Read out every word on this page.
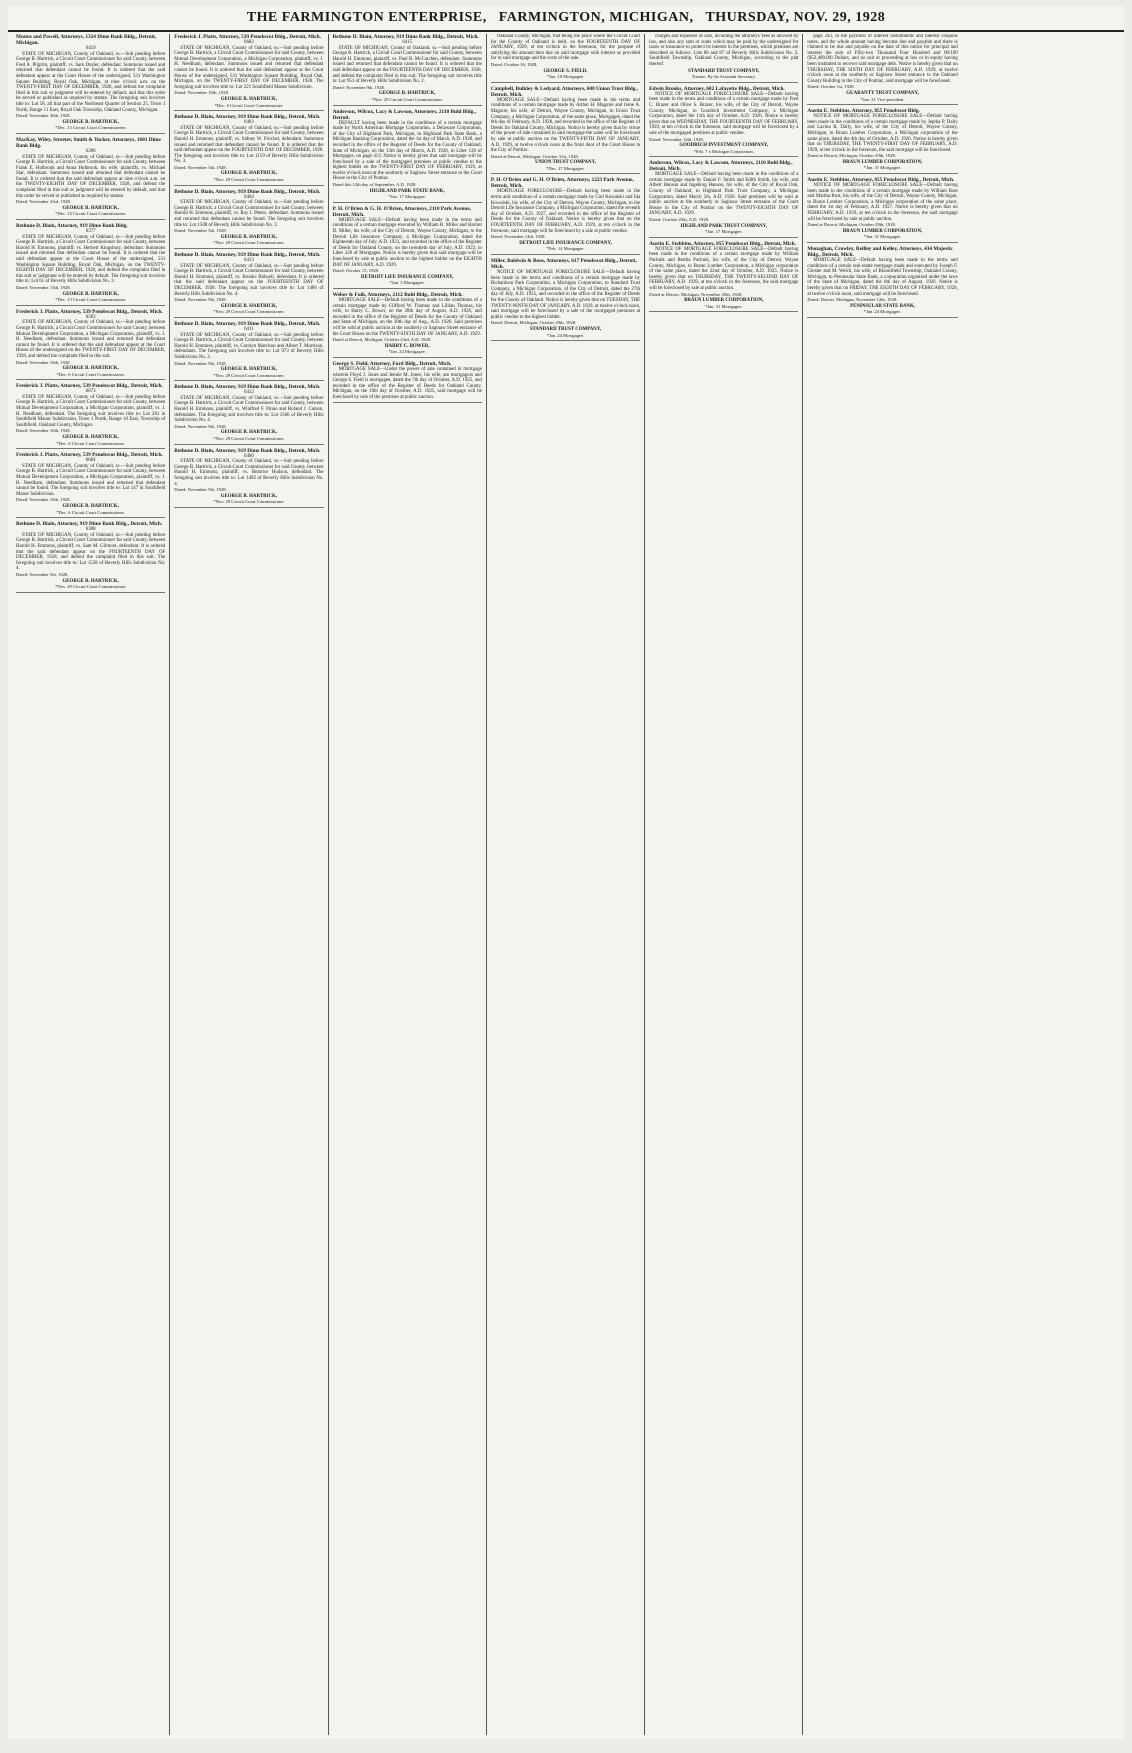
THE FARMINGTON ENTERPRISE, FARMINGTON, MICHIGAN, THURSDAY, NOV. 29, 1928
Munro and Powell, Attorneys, 1324 Dime Bank Bldg., Detroit, Michigan.
6419
STATE OF MICHIGAN, County of Oakland, ss.—Suit pending before George B. Hartrick, a Circuit Court Commissioner for said County, between Fred A. Pilgrim, plaintiff, vs. Sam Dozier, defendant. Summons issued and returned that defendant cannot be found. It is ordered that the said defendant appear at the Court House of the undersigned, 531 Washington Square Building, Royal Oak, Michigan, at nine o'clock a.m. on the TWENTY-FIRST DAY OF DECEMBER, 1928, and defend the complaint filed in this suit or judgment will be entered by default, and that this order be served or published as required by statute. The foregoing suit involves title to: Lot 58, all that part of the Northeast Quarter of Section 25, Town 1 North, Range 11 East, Royal Oak Township, Oakland County, Michigan.
Dated: November 30th, 1928.
GEORGE B. HARTRICK,
*Dec. 13 Circuit Court Commissioner.
MacKay, Wiley, Streeter, Smith & Tucker, Attorneys, 1601 Dime Bank Bldg.
6306
STATE OF MICHIGAN, County of Oakland, ss.—Suit pending before George B. Hartrick, a Circuit Court Commissioner for said County, between Frank E. Holbrook and Anna Holbrook, his wife, plaintiffs, vs. Michael Star, defendant. Summons issued and returned that defendant cannot be found. It is ordered that the said defendant appear at nine o'clock a.m. on the TWENTY-EIGHTH DAY OF DECEMBER, 1928, and defend the complaint filed in this suit or judgment will be entered by default, and that this order be served or published as required by statute.
Dated: November 23rd, 1928.
GEORGE B. HARTRICK,
*Dec. 13 Circuit Court Commissioner.
Bethune D. Blain, Attorney, 919 Dime Bank Bldg.
6377
STATE OF MICHIGAN, County of Oakland, ss.—Suit pending before George B. Hartrick, a Circuit Court Commissioner for said County, between Harold H. Emmons, plaintiff, vs. Herbert Kingsbury, defendant. Summons issued and returned that defendant cannot be found. It is ordered that the said defendant appear at the Court House of the undersigned, 531 Washington Square Building, Royal Oak, Michigan, on the TWENTY-EIGHTH DAY OF DECEMBER, 1928, and defend the complaint filed in this suit or judgment will be entered by default. The foregoing suit involves title to: Lot 61 of Beverly Hills Subdivision No. 3.
Dated: November 15th, 1928.
GEORGE B. HARTRICK,
*Dec. 13 Circuit Court Commissioner.
Frederick J. Platts, Attorney, 539 Penobscot Bldg., Detroit, Mich.
6583
STATE OF MICHIGAN, County of Oakland, ss.—Suit pending before George B. Hartrick, a Circuit Court Commissioner for said County, between Mutual Development Corporation, a Michigan Corporation, plaintiff, vs. J. H. Needham, defendant. Summons issued and returned that defendant cannot be found. It is ordered that the said defendant appear at the Court House of the undersigned on the TWENTY-FIRST DAY OF DECEMBER, 1928, and defend the complaint filed in this suit.
Dated: November 10th, 1928.
GEORGE B. HARTRICK,
*Dec. 6 Circuit Court Commissioner.
Frederick J. Platts, Attorney, 539 Penobscot Bldg., Detroit, Mich.
6673
STATE OF MICHIGAN, County of Oakland, ss.—Suit pending before George B. Hartrick, a Circuit Court Commissioner for said County, between Mutual Development Corporation, a Michigan Corporation, plaintiff, vs. J. H. Needham, defendant. The foregoing suit involves title to: Lot 281 in Southfield Manor Subdivision, Town 1 North, Range 10 East, Township of Southfield, Oakland County, Michigan.
Dated: November 10th, 1928.
GEORGE B. HARTRICK,
*Dec. 6 Circuit Court Commissioner.
Frederick J. Platts, Attorney, 539 Penobscot Bldg., Detroit, Mich.
6684
STATE OF MICHIGAN, County of Oakland, ss.—Suit pending before George B. Hartrick, a Circuit Court Commissioner for said County, between Mutual Development Corporation, a Michigan Corporation, plaintiff, vs. J. H. Needham, defendant. Summons issued and returned that defendant cannot be found. The foregoing suit involves title to: Lot 147 in Southfield Manor Subdivision.
Dated: November 10th, 1928.
GEORGE B. HARTRICK,
*Dec. 6 Circuit Court Commissioner.
Bethune D. Blain, Attorney, 919 Dime Bank Bldg., Detroit, Mich.
6388
STATE OF MICHIGAN, County of Oakland, ss.—Suit pending before George B. Hartrick, a Circuit Court Commissioner for said County, between Harold H. Emmons, plaintiff, vs. Sam M. Gilmore, defendant. It is ordered that the said defendant appear on the FOURTEENTH DAY OF DECEMBER, 1928, and defend the complaint filed in this suit. The foregoing suit involves title to: Lot 1558 of Beverly Hills Subdivision No. 4.
Dated: November 5th, 1928.
GEORGE B. HARTRICK,
*Nov. 29 Circuit Court Commissioner.
Frederick J. Platts, Attorney, 539 Penobscot Bldg., Detroit, Mich.
6682
STATE OF MICHIGAN, County of Oakland, ss.—Suit pending before George B. Hartrick, a Circuit Court Commissioner for said County, between Mutual Development Corporation, a Michigan Corporation, plaintiff, vs. J. H. Needham, defendant. Summons issued and returned that defendant cannot be found. It is ordered that the said defendant appear at the Court House of the undersigned, 531 Washington Square Building, Royal Oak, Michigan, on the TWENTY-FIRST DAY OF DECEMBER, 1928. The foregoing suit involves title to: Lot 221 Southfield Manor Subdivision.
Dated: November 10th, 1928.
GEORGE B. HARTRICK,
*Dec. 6 Circuit Court Commissioner.
Bethune D. Blain, Attorney, 919 Dime Bank Bldg., Detroit, Mich.
6403
STATE OF MICHIGAN, County of Oakland, ss.—Suit pending before George B. Hartrick, a Circuit Court Commissioner for said County, between Harold H. Emmons, plaintiff, vs. Sidney W. Fritchel, defendant. Summons issued and returned that defendant cannot be found. It is ordered that the said defendant appear on the FOURTEENTH DAY OF DECEMBER, 1928. The foregoing suit involves title to: Lot 1159 of Beverly Hills Subdivision No. 3.
Dated: November 5th, 1928.
GEORGE B. HARTRICK,
*Nov. 29 Circuit Court Commissioner.
Bethune D. Blain, Attorney, 919 Dime Bank Bldg., Detroit, Mich.
6404
STATE OF MICHIGAN, County of Oakland, ss.—Suit pending before George B. Hartrick, a Circuit Court Commissioner for said County, between Harold H. Emmons, plaintiff, vs. Ray J. Peters, defendant. Summons issued and returned that defendant cannot be found. The foregoing suit involves title to: Lot 1508 of Beverly Hills Subdivision No. 3.
Dated: November 5th, 1928.
GEORGE B. HARTRICK,
*Nov. 29 Circuit Court Commissioner.
Bethune D. Blain, Attorney, 919 Dime Bank Bldg., Detroit, Mich.
6413
STATE OF MICHIGAN, County of Oakland, ss.—Suit pending before George B. Hartrick, a Circuit Court Commissioner for said County, between Harold H. Emmons, plaintiff, vs. Brooks Bidwell, defendant. It is ordered that the said defendant appear on the FOURTEENTH DAY OF DECEMBER, 1928. The foregoing suit involves title to: Lot 1486 of Beverly Hills Subdivision No. 4.
Dated: November 9th, 1928.
GEORGE B. HARTRICK,
*Nov. 29 Circuit Court Commissioner.
Bethune D. Blain, Attorney, 919 Dime Bank Bldg., Detroit, Mich.
6411
STATE OF MICHIGAN, County of Oakland, ss.—Suit pending before George B. Hartrick, a Circuit Court Commissioner for said County, between Harold H. Emmons, plaintiff, vs. Carolyn Morrison and Albert T. Morrison, defendants. The foregoing suit involves title to: Lot 973 of Beverly Hills Subdivision No. 2.
Dated: November 9th, 1928.
GEORGE B. HARTRICK,
*Nov. 29 Circuit Court Commissioner.
Bethune D. Blain, Attorney, 919 Dime Bank Bldg., Detroit, Mich.
6412
STATE OF MICHIGAN, County of Oakland, ss.—Suit pending before George B. Hartrick, a Circuit Court Commissioner for said County, between Harold H. Emmons, plaintiff, vs. Winifred F. Pinno and Roland J. Carson, defendants. The foregoing suit involves title to: Lot 1566 of Beverly Hills Subdivision No. 4.
Dated: November 9th, 1928.
GEORGE B. HARTRICK,
*Nov. 29 Circuit Court Commissioner.
Bethune D. Blain, Attorney, 919 Dime Bank Bldg., Detroit, Mich.
6400
STATE OF MICHIGAN, County of Oakland, ss.—Suit pending before George B. Hartrick, a Circuit Court Commissioner for said County, between Harold H. Emmons, plaintiff, vs. Beatrice Hudson, defendant. The foregoing suit involves title to: Lot 1492 of Beverly Hills Subdivision No. 4.
Dated: November 9th, 1928.
GEORGE B. HARTRICK,
*Nov. 29 Circuit Court Commissioner.
Bethune D. Blain, Attorney, 919 Dime Bank Bldg., Detroit, Mich.
6415
STATE OF MICHIGAN, County of Oakland, ss.—Suit pending before George B. Hartrick, a Circuit Court Commissioner for said County, between Harold H. Emmons, plaintiff, vs. Paul R. McCutchen, defendant. Summons issued and returned that defendant cannot be found. It is ordered that the said defendant appear on the FOURTEENTH DAY OF DECEMBER, 1928, and defend the complaint filed in this suit. The foregoing suit involves title to: Lot 951 of Beverly Hills Subdivision No. 2.
Dated: November 9th, 1928.
GEORGE B. HARTRICK,
*Nov. 29 Circuit Court Commissioner.
Anderson, Wilcox, Lacy & Lawson, Attorneys, 2110 Buhl Bldg., Detroit.
DEFAULT having been made in the conditions of a certain mortgage made by North American Mortgage Corporation, a Delaware Corporation, of the City of Highland Park, Michigan, to Highland Park State Bank, a Michigan Banking Corporation, dated the 1st day of March, A.D. 1928, and recorded in the office of the Register of Deeds for the County of Oakland, State of Michigan, on the 13th day of March, A.D. 1928, in Liber 120 of Mortgages, on page 413. Notice is hereby given that said mortgage will be foreclosed by a sale of the mortgaged premises at public vendue to the highest bidder on the TWENTY-FIRST DAY OF FEBRUARY, 1929, at twelve o'clock noon at the southerly or Saginaw Street entrance to the Court House in the City of Pontiac.
Dated this 12th day of September, A.D. 1928.
HIGHLAND PARK STATE BANK,
*Jan. 17 Mortgagee.
P. H. O'Brien & G. H. O'Brien, Attorneys, 2110 Park Avenue, Detroit, Mich.
MORTGAGE SALE—Default having been made in the terms and conditions of a certain mortgage executed by William B. Miller and Harriet D. Miller, his wife, of the City of Detroit, Wayne County, Michigan, to the Detroit Life Insurance Company, a Michigan Corporation, dated the Eighteenth day of July, A.D. 1923, and recorded in the office of the Register of Deeds for Oakland County, on the twentieth day of July, A.D. 1923, in Liber 228 of Mortgages. Notice is hereby given that said mortgage will be foreclosed by sale at public auction to the highest bidder on the EIGHTH DAY OF JANUARY, A.D. 1929.
Dated: October 15, 1928.
DETROIT LIFE INSURANCE COMPANY,
*Jan. 3 Mortgagee.
Weber & Fuik, Attorneys, 2112 Buhl Bldg., Detroit, Mich.
MORTGAGE SALE—Default having been made in the conditions of a certain mortgage made by Clifford W. Thomas and Lillian Thomas, his wife, to Harry C. Bower, on the 28th day of August, A.D. 1926, and recorded in the office of the Register of Deeds for the County of Oakland and State of Michigan, on the 30th day of Aug., A.D. 1926. Said premises will be sold at public auction at the southerly or Saginaw Street entrance of the Court House on the TWENTY-SIXTH DAY OF JANUARY, A.D. 1929.
Dated at Detroit, Michigan, October 23rd, A.D. 1928.
HARRY C. BOWER,
*Jan. 24 Mortgagee.
George S. Field, Attorney, Ford Bldg., Detroit, Mich.
MORTGAGE SALE—Under the power of sale contained in mortgage wherein Floyd J. Jones and Jennie M. Jones, his wife, are mortgagors and George S. Field is mortgagee, dated the 7th day of October, A.D. 1925, and recorded in the office of the Register of Deeds for Oakland County, Michigan, on the 10th day of October, A.D. 1925, said mortgage will be foreclosed by sale of the premises at public auction.
Oakland County, Michigan, that being the place where the Circuit Court for the County of Oakland is held, on the FOURTEENTH DAY OF JANUARY, 1929, at ten o'clock in the forenoon, for the purpose of satisfying the amount then due on said mortgage with interest as provided for in said mortgage and the costs of the sale.
Dated: October 16, 1928.
GEORGE S. FIELD,
*Jan. 10 Mortgagee.
Campbell, Bulkley & Ledyard, Attorneys, 600 Union Trust Bldg., Detroit, Mich.
MORTGAGE SALE—Default having been made in the terms and conditions of a certain mortgage made by Arthur H. Maguire and Irene A. Maguire, his wife, of Detroit, Wayne County, Michigan, to Union Trust Company, a Michigan Corporation, of the same place, Mortgagee, dated the 6th day of February, A.D. 1928, and recorded in the office of the Register of Deeds for Oakland County, Michigan. Notice is hereby given that by virtue of the power of sale contained in said mortgage the same will be foreclosed by sale at public auction on the TWENTY-FIFTH DAY OF JANUARY, A.D. 1929, at twelve o'clock noon at the front door of the Court House in the City of Pontiac.
Dated at Detroit, Michigan, October 31st, 1928.
UNION TRUST COMPANY,
*Dec. 27 Mortgagee.
P. H. O'Brien and G. H. O'Brien, Attorneys, 1223 Park Avenue, Detroit, Mich.
MORTGAGE FORECLOSURE—Default having been made in the terms and conditions of a certain mortgage made by Carl Kowalski and Ida Kowalski, his wife, of the City of Detroit, Wayne County, Michigan, to the Detroit Life Insurance Company, a Michigan Corporation, dated the seventh day of October, A.D. 1927, and recorded in the office of the Register of Deeds for the County of Oakland. Notice is hereby given that on the FOURTEENTH DAY OF FEBRUARY, A.D. 1929, at ten o'clock in the forenoon, said mortgage will be foreclosed by a sale at public vendue.
Dated: November 14th, 1928.
DETROIT LIFE INSURANCE COMPANY,
*Feb. 14 Mortgagee.
Miller, Baldwin & Boos, Attorneys, 617 Penobscot Bldg., Detroit, Mich.
NOTICE OF MORTGAGE FORECLOSURE SALE—Default having been made in the terms and conditions of a certain mortgage made by Richardson Park Corporation, a Michigan Corporation, to Standard Trust Company, a Michigan Corporation, of the City of Detroit, dated the 27th day of July, A.D. 1925, and recorded in the office of the Register of Deeds for the County of Oakland. Notice is hereby given that on TUESDAY, THE TWENTY-NINTH DAY OF JANUARY, A.D. 1929, at twelve o'clock noon, said mortgage will be foreclosed by a sale of the mortgaged premises at public vendue to the highest bidder.
Dated: Detroit, Michigan, October 29th, 1928.
STANDARD TRUST COMPANY,
*Jan. 24 Mortgagee.
charges and expenses of sale, including the attorneys' fees as allowed by law, and also any sum or sums which may be paid by the undersigned for taxes or insurance to protect its interest in the premises, which premises are described as follows: Lots 86 and 87 of Beverly Hills Subdivision No. 2, Southfield Township, Oakland County, Michigan, according to the plat thereof.
STANDARD TRUST COMPANY,
Trustee, By Its Assistant Secretary.
Edwin Brooks, Attorney, 602 Lafayette Bldg., Detroit, Mich.
NOTICE OF MORTGAGE FORECLOSURE SALE—Default having been made in the terms and conditions of a certain mortgage made by Fred C. Brazer and Olive S. Brazer, his wife, of the City of Detroit, Wayne County, Michigan, to Goodrich Investment Company, a Michigan Corporation, dated the 11th day of October, A.D. 1926. Notice is hereby given that on WEDNESDAY, THE FOURTEENTH DAY OF FEBRUARY, 1929, at ten o'clock in the forenoon, said mortgage will be foreclosed by a sale of the mortgaged premises at public vendue.
Dated: November 14th, 1928.
GOODRICH INVESTMENT COMPANY,
*Feb. 7 a Michigan Corporation.
Anderson, Wilcox, Lacy & Lawson, Attorneys, 2110 Buhl Bldg., Detroit, Mich.
MORTGAGE SALE—Default having been made in the conditions of a certain mortgage made by Daniel F. Smith and Edith Smith, his wife, and Albert Hanson and Ingeborg Hanson, his wife, of the City of Royal Oak, County of Oakland, to Highland Park Trust Company, a Michigan Corporation, dated March 5th, A.D. 1926. Said premises will be sold at public auction at the southerly or Saginaw Street entrance of the Court House in the City of Pontiac on the TWENTY-EIGHTH DAY OF JANUARY, A.D. 1929.
Dated: October 25th, A.D. 1928.
HIGHLAND PARK TRUST COMPANY,
*Jan. 17 Mortgagee.
Austin E. Stebbins, Attorney, 855 Penobscot Bldg., Detroit, Mich.
NOTICE OF MORTGAGE FORECLOSURE SALE—Default having been made in the conditions of a certain mortgage made by William Pachnik and Bertha Pachnik, his wife, of the City of Detroit, Wayne County, Michigan, to Braun Lumber Corporation, a Michigan corporation of the same place, dated the 22nd day of October, A.D. 1925. Notice is hereby given that on THURSDAY, THE TWENTY-SECOND DAY OF FEBRUARY, A.D. 1929, at ten o'clock in the forenoon, the said mortgage will be foreclosed by sale at public auction.
Dated at Detroit, Michigan, November 29th, 1928.
BRAUN LUMBER CORPORATION,
*Jan. 31 Mortgagee.
page 243, in the payment of interest installments and interest coupons notes, and the whole amount having become due and payable and there is claimed to be due and payable on the date of this notice for principal and interest the sum of Fifty-two Thousand Four Hundred and 00/100 ($52,400.00) Dollars, and no suit or proceeding at law or in equity having been instituted to recover said mortgage debt. Notice is hereby given that on THURSDAY, THE SIXTH DAY OF FEBRUARY, A.D. 1929, at twelve o'clock noon at the southerly or Saginaw Street entrance to the Oakland County Building in the City of Pontiac, said mortgage will be foreclosed.
Dated: October 1st, 1928.
GUARANTY TRUST COMPANY,
*Jan. 31 Vice-president.
Austin E. Stebbins, Attorney, 855 Penobscot Bldg.
NOTICE OF MORTGAGE FORECLOSURE SALE—Default having been made in the conditions of a certain mortgage made by Jeptha P. Dally and Lavina R. Dally, his wife, of the City of Detroit, Wayne County, Michigan, to Braun Lumber Corporation, a Michigan corporation of the same place, dated the 4th day of October, A.D. 1926. Notice is hereby given that on THURSDAY, THE TWENTY-FIRST DAY OF FEBRUARY, A.D. 1929, at ten o'clock in the forenoon, the said mortgage will be foreclosed.
Dated at Detroit, Michigan, October 29th, 1928.
BRAUN LUMBER CORPORATION,
*Jan. 31 Mortgagee.
Austin E. Stebbins, Attorney, 855 Penobscot Bldg., Detroit, Mich.
NOTICE OF MORTGAGE FORECLOSURE SALE—Default having been made in the conditions of a certain mortgage made by William Rost and Martha Rost, his wife, of the City of Detroit, Wayne County, Michigan, to Braun Lumber Corporation, a Michigan corporation of the same place, dated the 1st day of February, A.D. 1927. Notice is hereby given that on FEBRUARY, A.D. 1929, at ten o'clock in the forenoon, the said mortgage will be foreclosed by sale at public auction.
Dated at Detroit, Michigan, October 29th, 1928.
BRAUN LUMBER CORPORATION,
*Jan. 31 Mortgagee.
Monaghan, Crowley, Reilley and Kelley, Attorneys, 434 Majestic Bldg., Detroit, Mich.
MORTGAGE SALE—Default having been made in the terms and conditions of a certain real estate mortgage made and executed by Joseph F. Gloster and M. Welch, his wife, of Bloomfield Township, Oakland County, Michigan, to Peninsular State Bank, a corporation organized under the laws of the State of Michigan, dated the 6th day of August, 1926. Notice is hereby given that on FRIDAY, THE EIGHTH DAY OF FEBRUARY, 1929, at twelve o'clock noon, said mortgage will be foreclosed.
Dated: Detroit, Michigan, November 12th, 1928.
PENINSULAR STATE BANK,
*Jan. 24 Mortgagee.
